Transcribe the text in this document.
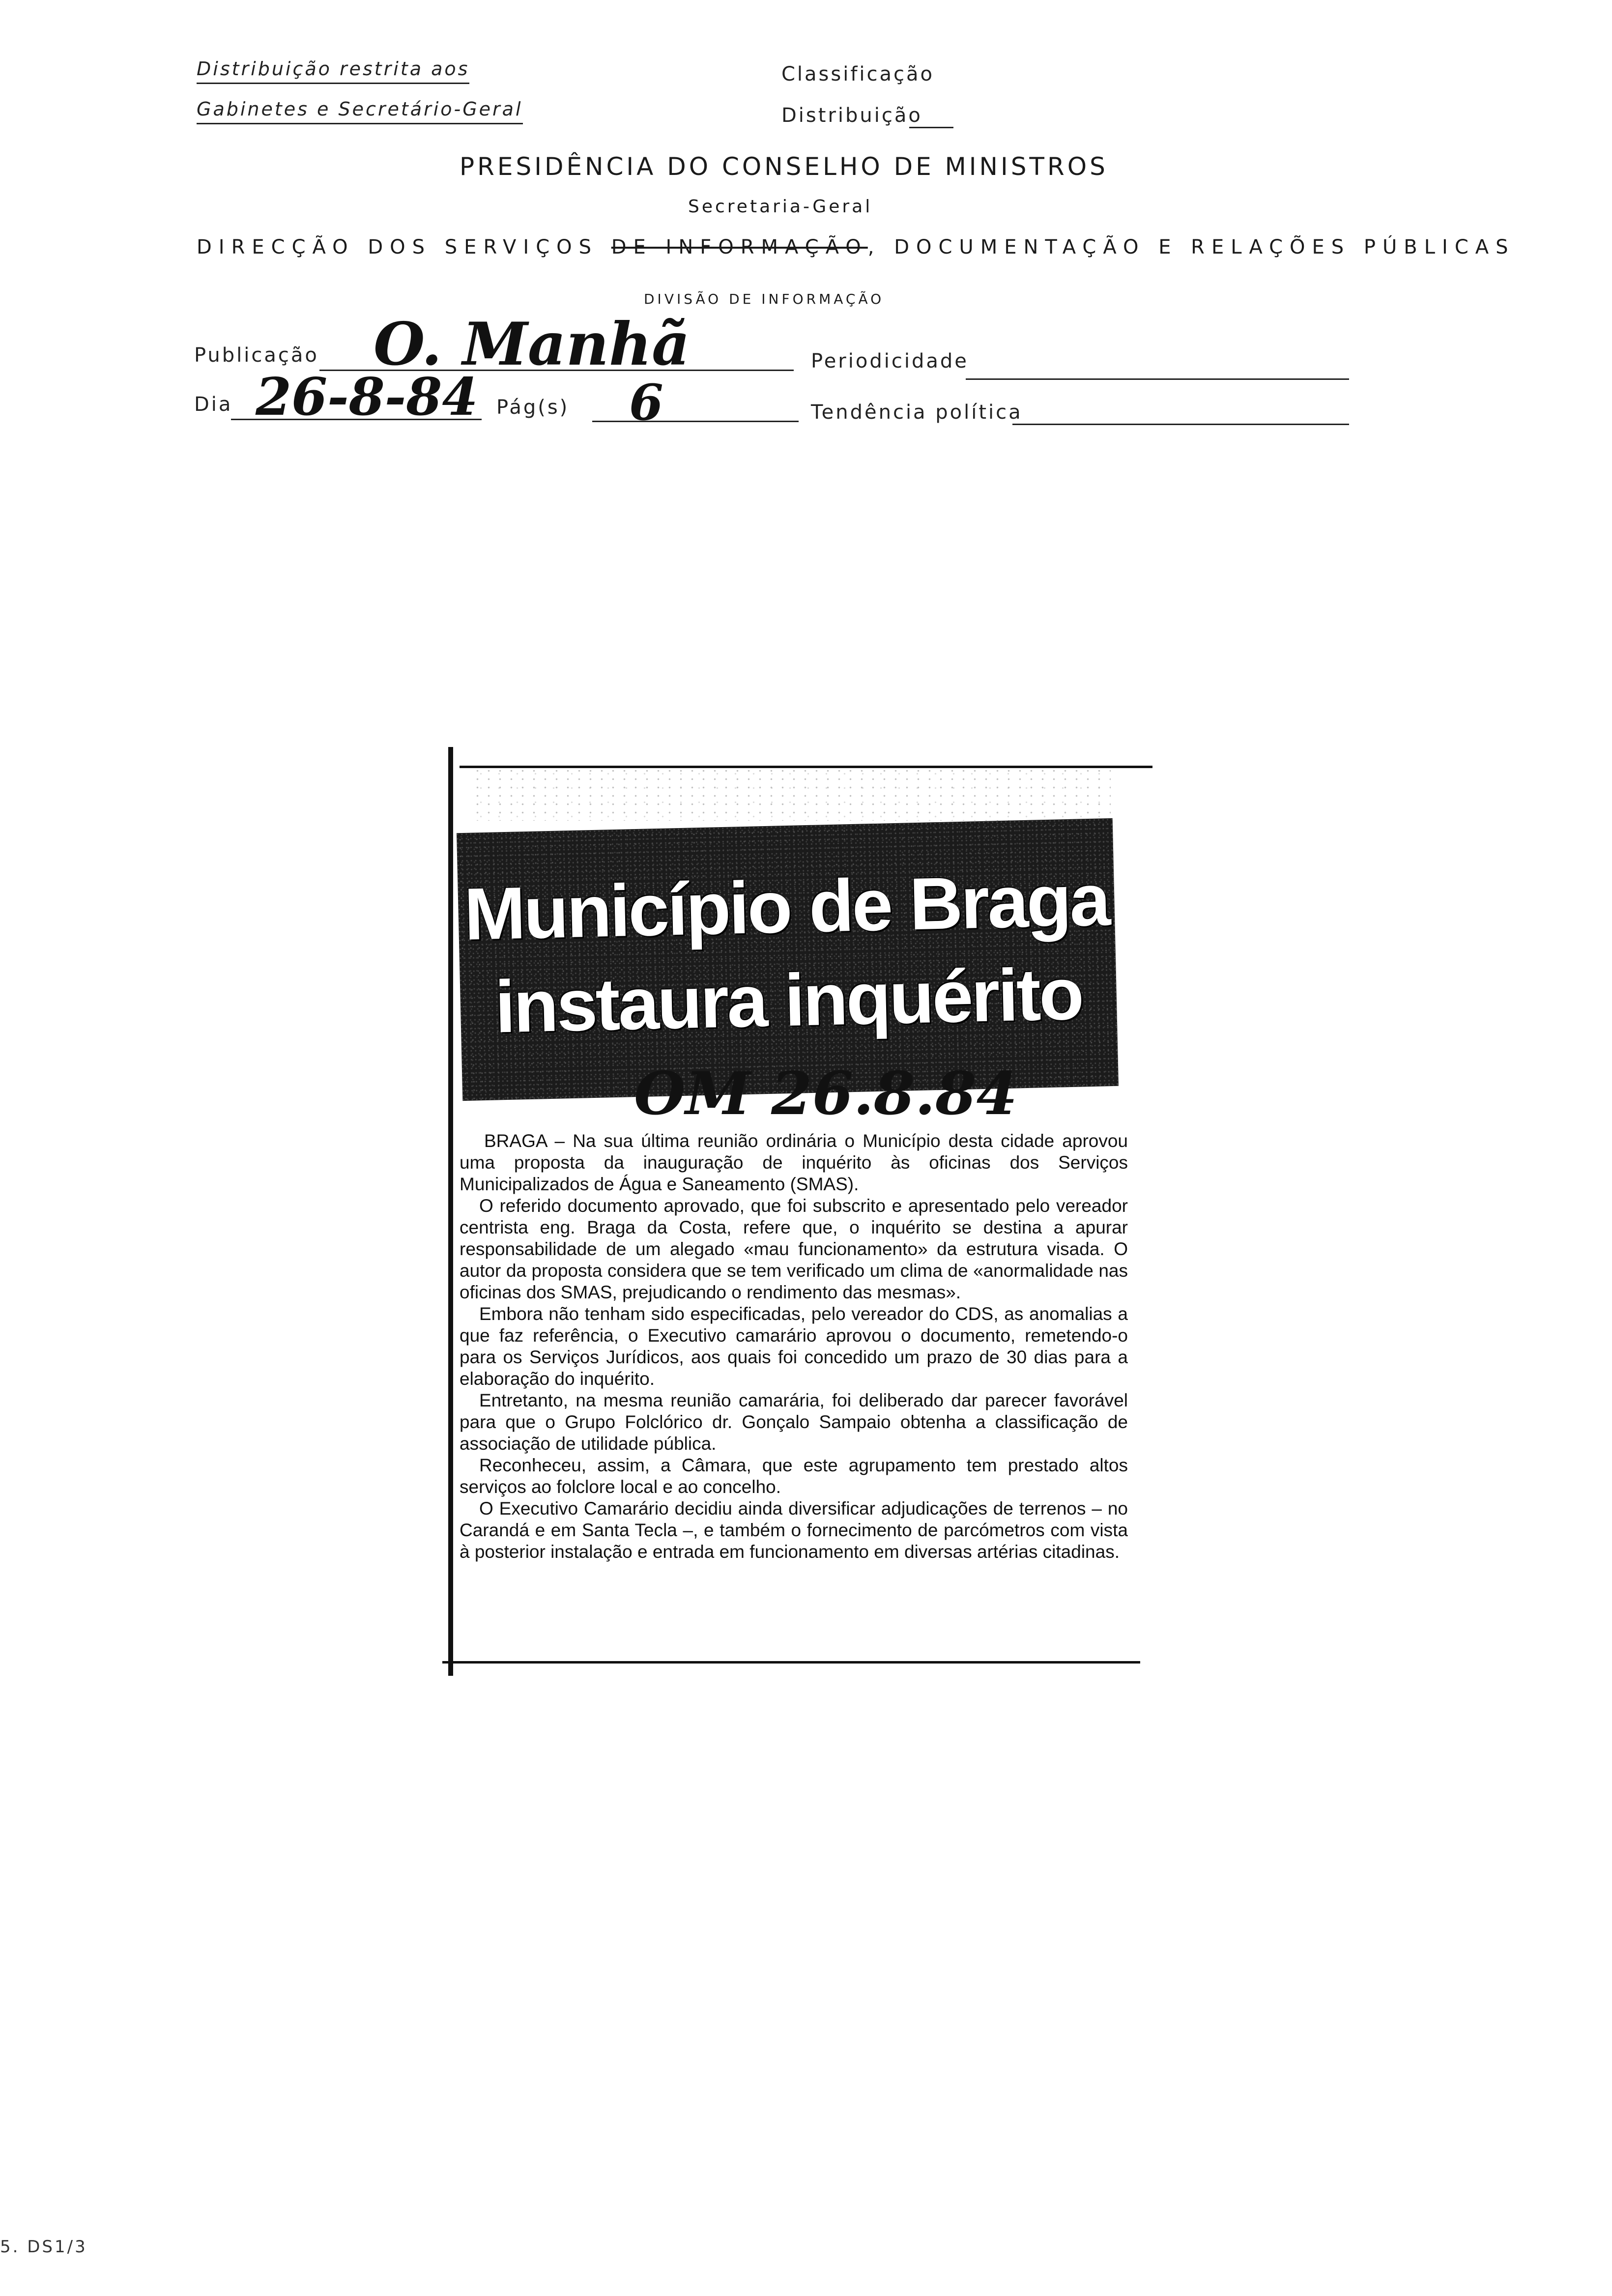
Distribuição restrita aos
Gabinetes e Secretário-Geral
Classificação
Distribuição
PRESIDÊNCIA DO CONSELHO DE MINISTROS
Secretaria-Geral
DIRECÇÃO DOS SERVIÇOS DE INFORMAÇÃO, DOCUMENTAÇÃO E RELAÇÕES PÚBLICAS
DIVISÃO DE INFORMAÇÃO
Publicação O. Manhã	Periodicidade
Dia 26-8-84 Pág(s) 6	Tendência política
Município de Braga
instaura inquérito
OM 26.8.84

BRAGA – Na sua última reunião ordinária o Município desta cidade aprovou uma proposta da inauguração de inquérito às oficinas dos Serviços Municipalizados de Água e Saneamento (SMAS).

O referido documento aprovado, que foi subscrito e apresentado pelo vereador centrista eng. Braga da Costa, refere que, o inquérito se destina a apurar responsabilidade de um alegado «mau funcionamento» da estrutura visada. O autor da proposta considera que se tem verificado um clima de «anormalidade nas oficinas dos SMAS, prejudicando o rendimento das mesmas».

Embora não tenham sido especificadas, pelo vereador do CDS, as anomalias a que faz referência, o Executivo camarário aprovou o documento, remetendo-o para os Serviços Jurídicos, aos quais foi concedido um prazo de 30 dias para a elaboração do inquérito.

Entretanto, na mesma reunião camarária, foi deliberado dar parecer favorável para que o Grupo Folclórico dr. Gonçalo Sampaio obtenha a classificação de associação de utilidade pública.

Reconheceu, assim, a Câmara, que este agrupamento tem prestado altos serviços ao folclore local e ao concelho.

O Executivo Camarário decidiu ainda diversificar adjudicações de terrenos – no Carandá e em Santa Tecla –, e também o fornecimento de parcómetros com vista à posterior instalação e entrada em funcionamento em diversas artérias citadinas.

5. DS1/3
